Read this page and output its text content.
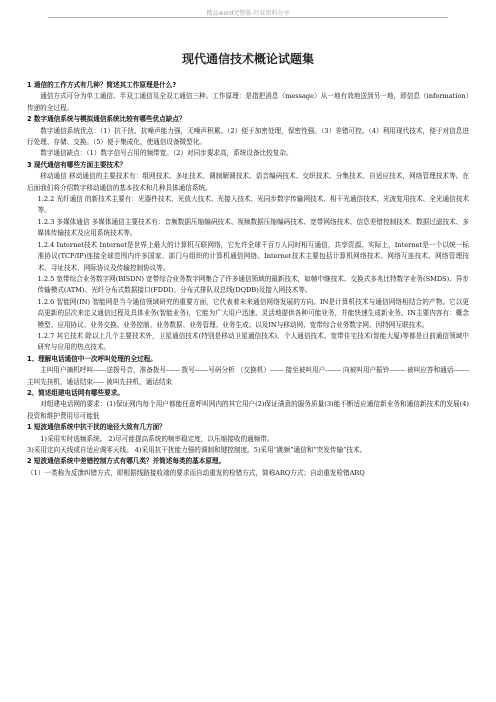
精品word完整版-行业资料分享
现代通信技术概论试题集

1 通信的工作方式有几种？简述其工作原理是什么?

通信方式可分为单工通信、半双工通信及全双工通信三种。工作原理：是指把消息（message）从一地有效地送到另一地，即信息（information）传递的全过程。

2 数字通信系统与模拟通信系统比较有哪些优点缺点？

数字通信系统优点：（1）抗干扰、抗噪声能力强，无噪声积累。（2）便于加密处理，保密性强。（3）差错可控。（4）利用现代技术，便于对信息进行处理、存储、交换。（5）便于集成化，使通信设备微型化。

数字通信缺点：（1）数字信号占用的频带宽。（2）对同步要求高，系统设备比较复杂。

3 现代通信有哪些方面主要技术？

移动通信 移动通信的主要技术有：组网技术、多址技术、调制解调技术、语音编码技术、交织技术、分集技术、自适应技术，网络管理技术等。在后面我们将介绍数字移动通信的基本技术和几种具体通信系统。

1.2.2 光纤通信 的新技术主要有：光器件技术、光放大技术、光接入技术、光同步数字传输网技术、相干光通信技术、光波复用技术、全光通信技术等。

1.2.3 多媒体通信 多媒体通信主要技术有：音频数据压缩编码技术、视频数据压缩编码技术、宽带网络技术、信息差错控制技术、数据过滤技术、多媒体传输技术及应用系统技术等。

1.2.4 Internet技术 Internet是世界上最大的计算机互联网络，它允许全球千百万人同时相互通信，共享资源。实际上，Internet是一个以统一标准协议(TCP/IP)连接全球范围内许多国家、部门与组织的计算机通信网络。Internet技术主要包括计算机网络技术、网络互连技术、网络管理技术、寻址技术、网际协议及传输控制协议等。

1.2.5 宽带综合业务数字网(BISDN) 宽带综合业务数字网集合了许多通信领域的最新技术，如帧中继技术、交换式多兆比特数字业务(SMDS)、异步传输模式(ATM)、光纤分布式数据接口(FDDI)、分布式排队双总线(DQDB)及接入网技术等。

1.2.6 智能网(IN) 智能网是当今通信领域研究的重要方面，它代表着未来通信网络发展的方向。IN是计算机技术与通信网络相结合的产物。它以更高更新的层次来定义通信过程及具体业务(智能业务)，它能为广大用户迅速、灵活地提供各种可能业务，并能快速生成新业务。IN主要内容有：概念模型、应用协议、业务交换、业务控制、业务数据、业务管理、业务生成；以及IN与移动网、宽带综合业务数字网、因特网互联技术。

1.2.7 其它技术 除以上几个主要技术外，卫星通信技术(特别是移动卫星通信技术)、个人通信技术、宽带住宅技术(智能大厦)等都是目前通信领域中研究与应用的热点技术。

1、理解电话通信中一次呼叫处理的全过程。

主叫用户摘机呼叫------送拨号音，准备拨号------ 拨号------号码分析 （交换机）------ 接至被叫用户------- 向被叫用户振铃------- 被叫应答和通话------- 主叫先挂机，通话结束----- 被叫先挂机，通话结束

2、简述组建电话网有哪些要求。

对组建电话网的要求：(1)保证网内每个用户都能任意呼叫网内的其它用户(2)保证满意的服务质量(3)能不断适应通信新业务和通信新技术的发展(4) 投资和维护费用尽可能低

1 短波通信系统中抗干扰的途径大致有几方面？

1)采用实时选频系统。 2)尽可能提高系统的频率稳定度，以压缩接收的通频带。

3)采用定向天线或自适应调零天线。 4)采用抗干扰能力强的调制和键控制度。5)采用“跳频”通信和“突发传输”技术。

2 短波通信系统中差错控制方式有哪几类？并简述每类的基本原理。

（1）一类称为反馈纠错方式，即根据线路接收端的要求而自动重发的检错方式，简称ARQ方式；自动重发检错ARQ
